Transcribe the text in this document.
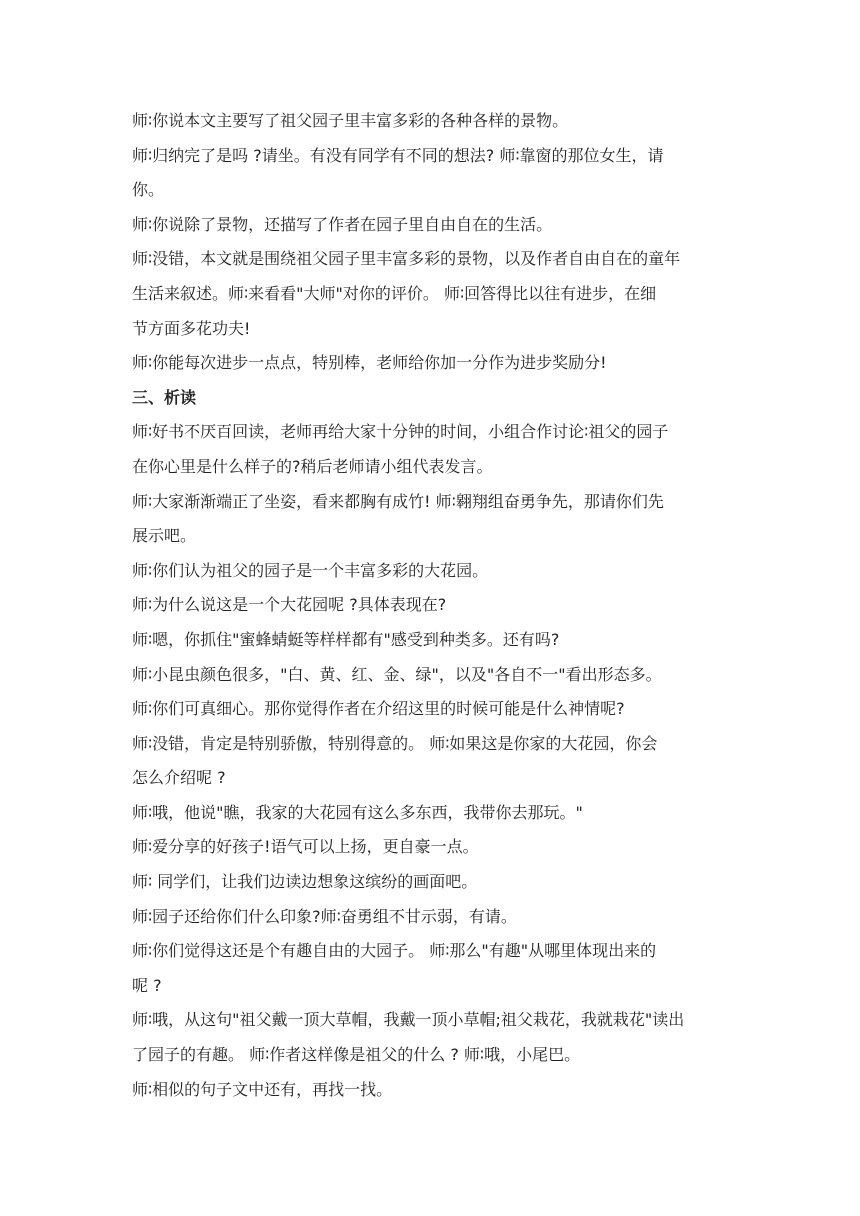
师∶你说本文主要写了祖父园子里丰富多彩的各种各样的景物。
师∶归纳完了是吗 ?请坐。有没有同学有不同的想法? 师∶靠窗的那位女生，请
你。
师∶你说除了景物，还描写了作者在园子里自由自在的生活。
师∶没错，本文就是围绕祖父园子里丰富多彩的景物，以及作者自由自在的童年
生活来叙述。师∶来看看"大师"对你的评价。 师∶回答得比以往有进步，在细
节方面多花功夫!
师∶你能每次进步一点点，特别棒，老师给你加一分作为进步奖励分!
三、析读
师∶好书不厌百回读，老师再给大家十分钟的时间，小组合作讨论∶祖父的园子
在你心里是什么样子的?稍后老师请小组代表发言。
师∶大家渐渐端正了坐姿，看来都胸有成竹! 师∶翱翔组奋勇争先，那请你们先
展示吧。
师∶你们认为祖父的园子是一个丰富多彩的大花园。
师∶为什么说这是一个大花园呢 ?具体表现在?
师∶嗯，你抓住"蜜蜂蜻蜓等样样都有"感受到种类多。还有吗?
师∶小昆虫颜色很多，"白、黄、红、金、绿"，以及"各自不一"看出形态多。
师∶你们可真细心。那你觉得作者在介绍这里的时候可能是什么神情呢?
师∶没错，肯定是特别骄傲，特别得意的。 师∶如果这是你家的大花园，你会
怎么介绍呢 ?
师∶哦，他说"瞧，我家的大花园有这么多东西，我带你去那玩。"
师∶爱分享的好孩子!语气可以上扬，更自豪一点。
师∶ 同学们，让我们边读边想象这缤纷的画面吧。
师∶园子还给你们什么印象?师∶奋勇组不甘示弱，有请。
师∶你们觉得这还是个有趣自由的大园子。 师∶那么"有趣"从哪里体现出来的
呢 ?
师∶哦，从这句"祖父戴一顶大草帽，我戴一顶小草帽;祖父栽花，我就栽花"读出
了园子的有趣。 师∶作者这样像是祖父的什么 ? 师∶哦，小尾巴。
师∶相似的句子文中还有，再找一找。
